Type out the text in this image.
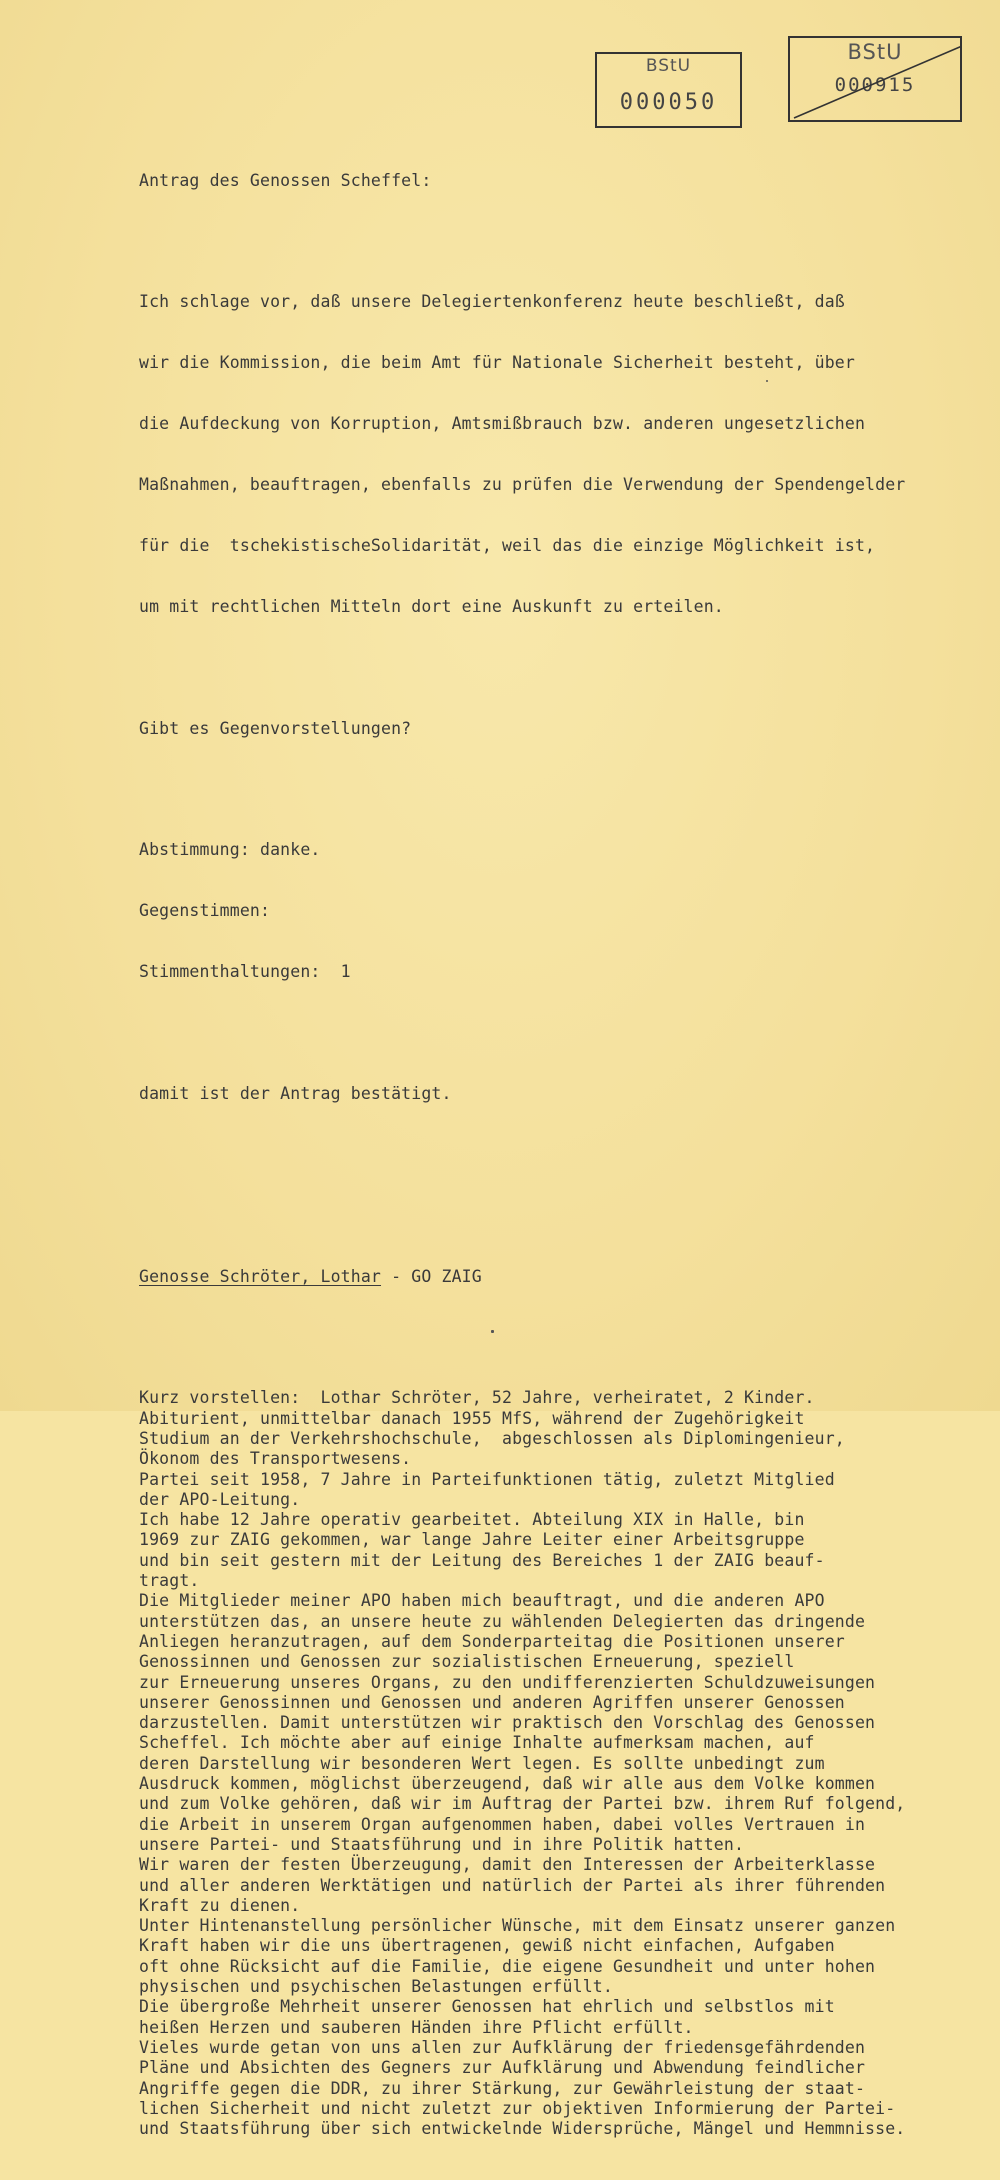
BStU
000050
BStU
000915

Antrag des Genossen Scheffel:

Ich schlage vor, daß unsere Delegiertenkonferenz heute beschließt, daß

wir die Kommission, die beim Amt für Nationale Sicherheit besteht, über

die Aufdeckung von Korruption, Amtsmißbrauch bzw. anderen ungesetzlichen

Maßnahmen, beauftragen, ebenfalls zu prüfen die Verwendung der Spendengelder

für die  tschekistischeSolidarität, weil das die einzige Möglichkeit ist,

um mit rechtlichen Mitteln dort eine Auskunft zu erteilen.

Gibt es Gegenvorstellungen?

Abstimmung: danke.

Gegenstimmen:

Stimmenthaltungen:  1

damit ist der Antrag bestätigt.

Genosse Schröter, Lothar - GO ZAIG

Kurz vorstellen:  Lothar Schröter, 52 Jahre, verheiratet, 2 Kinder.
Abiturient, unmittelbar danach 1955 MfS, während der Zugehörigkeit
Studium an der Verkehrshochschule,  abgeschlossen als Diplomingenieur,
Ökonom des Transportwesens.
Partei seit 1958, 7 Jahre in Parteifunktionen tätig, zuletzt Mitglied
der APO-Leitung.
Ich habe 12 Jahre operativ gearbeitet. Abteilung XIX in Halle, bin
1969 zur ZAIG gekommen, war lange Jahre Leiter einer Arbeitsgruppe
und bin seit gestern mit der Leitung des Bereiches 1 der ZAIG beauf-
tragt.
Die Mitglieder meiner APO haben mich beauftragt, und die anderen APO
unterstützen das, an unsere heute zu wählenden Delegierten das dringende
Anliegen heranzutragen, auf dem Sonderparteitag die Positionen unserer
Genossinnen und Genossen zur sozialistischen Erneuerung, speziell
zur Erneuerung unseres Organs, zu den undifferenzierten Schuldzuweisungen
unserer Genossinnen und Genossen und anderen Agriffen unserer Genossen
darzustellen. Damit unterstützen wir praktisch den Vorschlag des Genossen
Scheffel. Ich möchte aber auf einige Inhalte aufmerksam machen, auf
deren Darstellung wir besonderen Wert legen. Es sollte unbedingt zum
Ausdruck kommen, möglichst überzeugend, daß wir alle aus dem Volke kommen
und zum Volke gehören, daß wir im Auftrag der Partei bzw. ihrem Ruf folgend,
die Arbeit in unserem Organ aufgenommen haben, dabei volles Vertrauen in
unsere Partei- und Staatsführung und in ihre Politik hatten.
Wir waren der festen Überzeugung, damit den Interessen der Arbeiterklasse
und aller anderen Werktätigen und natürlich der Partei als ihrer führenden
Kraft zu dienen.
Unter Hintenanstellung persönlicher Wünsche, mit dem Einsatz unserer ganzen
Kraft haben wir die uns übertragenen, gewiß nicht einfachen, Aufgaben
oft ohne Rücksicht auf die Familie, die eigene Gesundheit und unter hohen
physischen und psychischen Belastungen erfüllt.
Die übergroße Mehrheit unserer Genossen hat ehrlich und selbstlos mit
heißen Herzen und sauberen Händen ihre Pflicht erfüllt.
Vieles wurde getan von uns allen zur Aufklärung der friedensgefährdenden
Pläne und Absichten des Gegners zur Aufklärung und Abwendung feindlicher
Angriffe gegen die DDR, zu ihrer Stärkung, zur Gewährleistung der staat-
lichen Sicherheit und nicht zuletzt zur objektiven Informierung der Partei-
und Staatsführung über sich entwickelnde Widersprüche, Mängel und Hemmnisse.
